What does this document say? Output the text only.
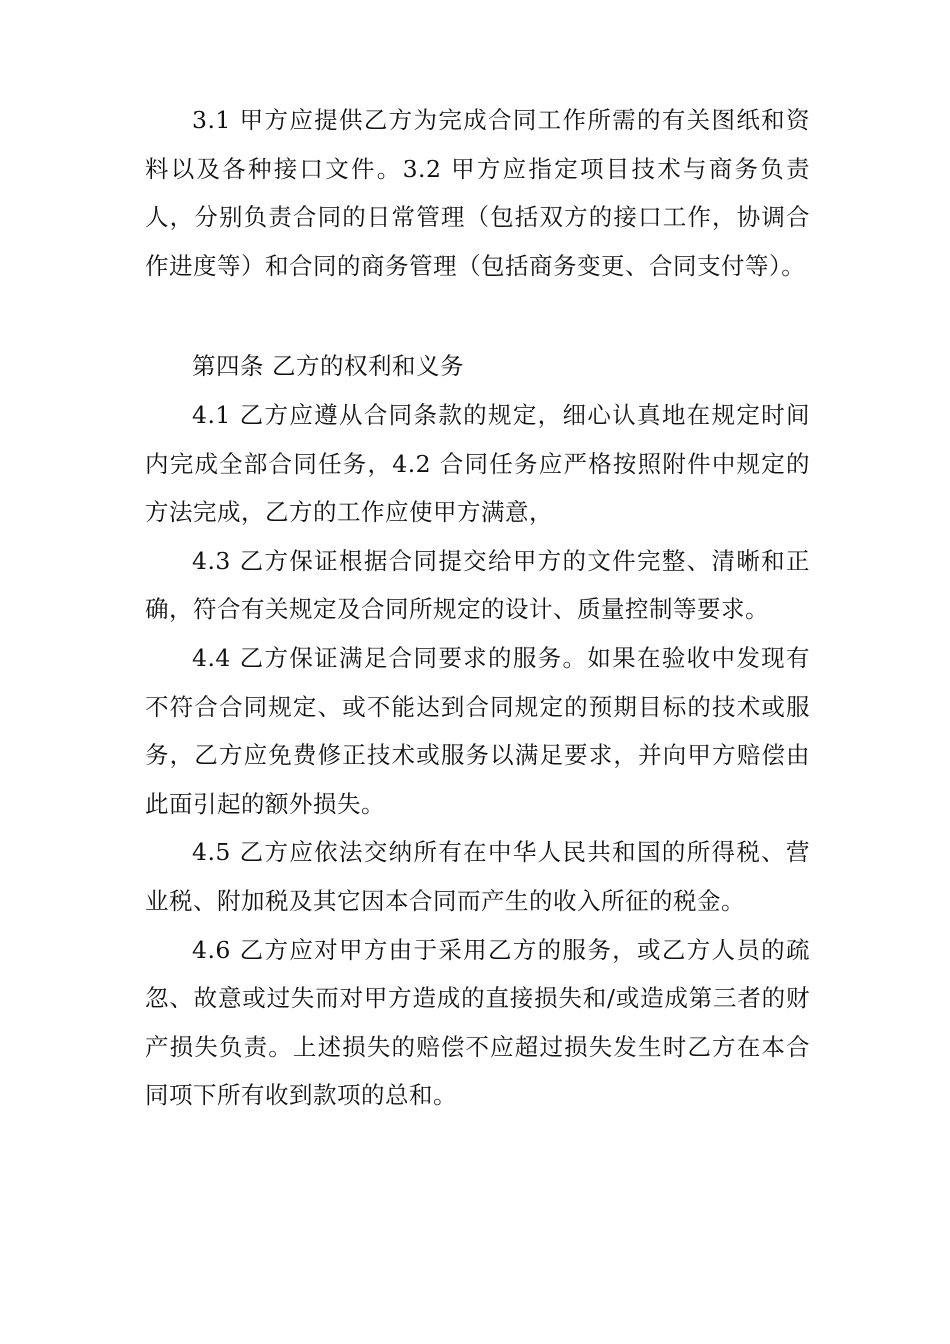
3.1 甲方应提供乙方为完成合同工作所需的有关图纸和资料以及各种接口文件。3.2 甲方应指定项目技术与商务负责人，分别负责合同的日常管理（包括双方的接口工作，协调合作进度等）和合同的商务管理（包括商务变更、合同支付等）。

第四条 乙方的权利和义务

4.1 乙方应遵从合同条款的规定，细心认真地在规定时间内完成全部合同任务，4.2 合同任务应严格按照附件中规定的方法完成，乙方的工作应使甲方满意，

4.3 乙方保证根据合同提交给甲方的文件完整、清晰和正确，符合有关规定及合同所规定的设计、质量控制等要求。

4.4 乙方保证满足合同要求的服务。如果在验收中发现有不符合合同规定、或不能达到合同规定的预期目标的技术或服务，乙方应免费修正技术或服务以满足要求，并向甲方赔偿由此面引起的额外损失。

4.5 乙方应依法交纳所有在中华人民共和国的所得税、营业税、附加税及其它因本合同而产生的收入所征的税金。

4.6 乙方应对甲方由于采用乙方的服务，或乙方人员的疏忽、故意或过失而对甲方造成的直接损失和/或造成第三者的财产损失负责。上述损失的赔偿不应超过损失发生时乙方在本合同项下所有收到款项的总和。
